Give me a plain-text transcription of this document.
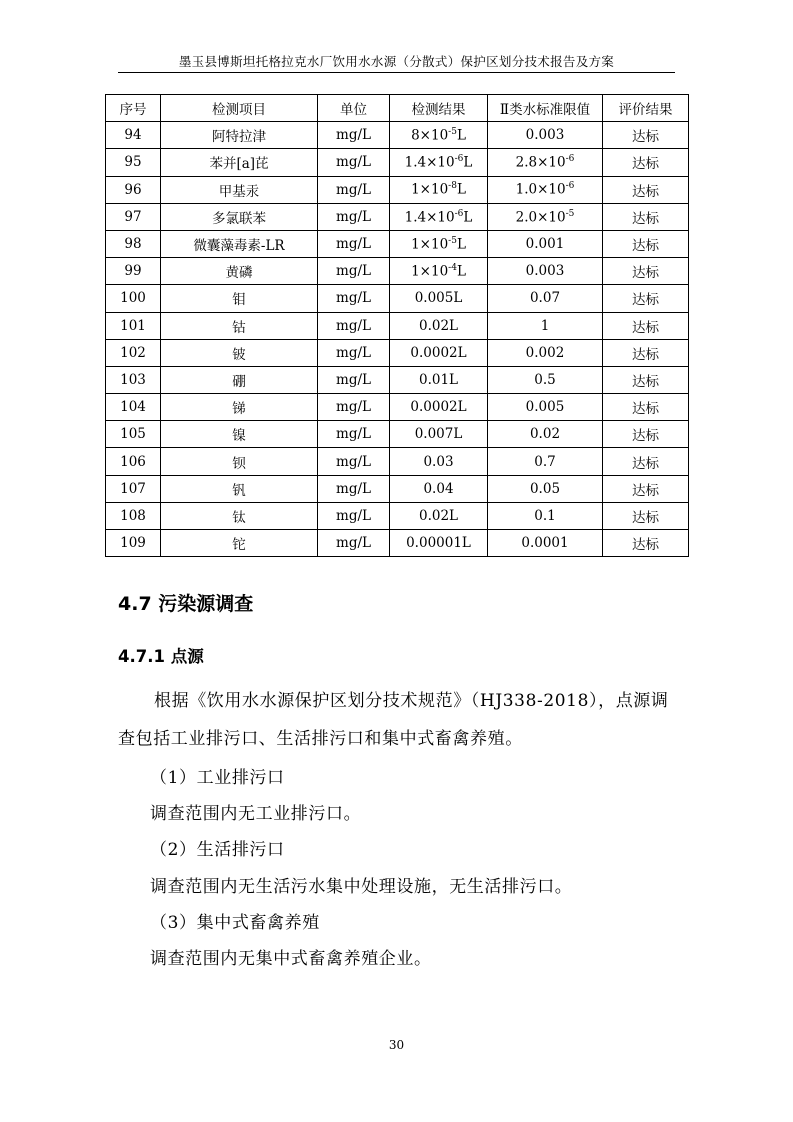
墨玉县博斯坦托格拉克水厂饮用水水源（分散式）保护区划分技术报告及方案
序号	检测项目	单位	检测结果	Ⅱ类水标准限值	评价结果
94	阿特拉津	mg/L	$8\times 10^{-5}L$	0.003	达标
95	苯并[a]芘	mg/L	$1.4\times 10^{-6}L$	$2.8\times 10^{-6}$	达标
96	甲基汞	mg/L	$1\times 10^{-8}L$	$1.0\times 10^{-6}$	达标
97	多氯联苯	mg/L	$1.4\times 10^{-6}L$	$2.0\times 10^{-5}$	达标
98	微囊藻毒素-LR	mg/L	$1\times 10^{-5}L$	0.001	达标
99	黄磷	mg/L	$1\times 10^{-4}L$	0.003	达标
100	钼	mg/L	0.005L	0.07	达标
101	钴	mg/L	0.02L	1	达标
102	铍	mg/L	0.0002L	0.002	达标
103	硼	mg/L	0.01L	0.5	达标
104	锑	mg/L	0.0002L	0.005	达标
105	镍	mg/L	0.007L	0.02	达标
106	钡	mg/L	0.03	0.7	达标
107	钒	mg/L	0.04	0.05	达标
108	钛	mg/L	0.02L	0.1	达标
109	铊	mg/L	0.00001L	0.0001	达标
4.7 污染源调查
4.7.1 点源
根据《饮用水水源保护区划分技术规范》（HJ338-2018），点源调查包括工业排污口、生活排污口和集中式畜禽养殖。
（1）工业排污口
调查范围内无工业排污口。
（2）生活排污口
调查范围内无生活污水集中处理设施，无生活排污口。
（3）集中式畜禽养殖
调查范围内无集中式畜禽养殖企业。
30
